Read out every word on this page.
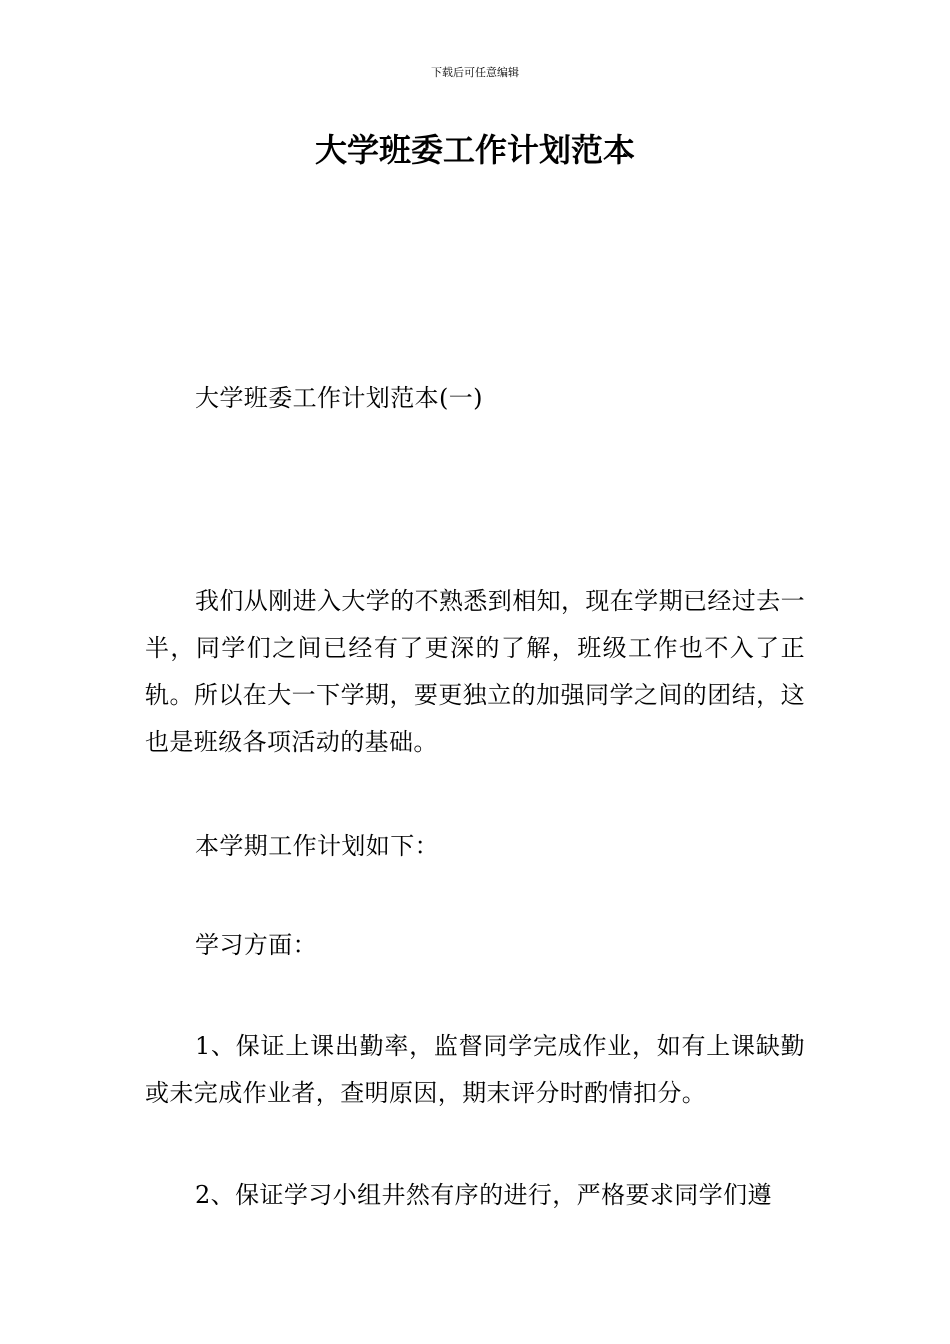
下载后可任意编辑
大学班委工作计划范本

大学班委工作计划范本(一)

我们从刚进入大学的不熟悉到相知，现在学期已经过去一半，同学们之间已经有了更深的了解，班级工作也不入了正轨。所以在大一下学期，要更独立的加强同学之间的团结，这也是班级各项活动的基础。

本学期工作计划如下：

学习方面：

1、保证上课出勤率，监督同学完成作业，如有上课缺勤或未完成作业者，查明原因，期末评分时酌情扣分。

2、保证学习小组井然有序的进行，严格要求同学们遵
